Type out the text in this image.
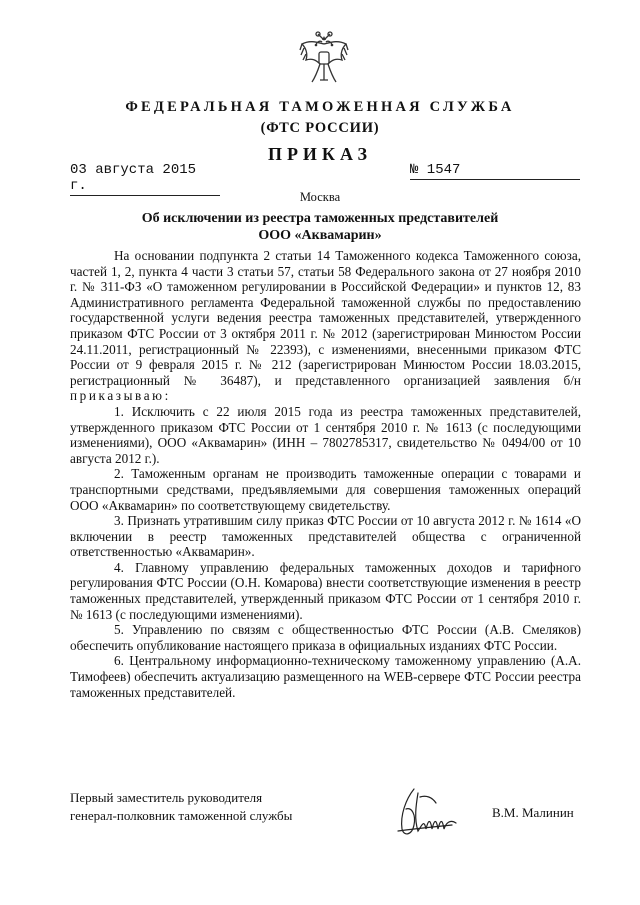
ФЕДЕРАЛЬНАЯ ТАМОЖЕННАЯ СЛУЖБА
(ФТС РОССИИ)
ПРИКАЗ
03 августа 2015 г.
№ 1547
Москва
Об исключении из реестра таможенных представителей
ООО «Аквамарин»

На основании подпункта 2 статьи 14 Таможенного кодекса Таможенного союза, частей 1, 2, пункта 4 части 3 статьи 57, статьи 58 Федерального закона от 27 ноября 2010 г. № 311-ФЗ «О таможенном регулировании в Российской Федерации» и пунктов 12, 83 Административного регламента Федеральной таможенной службы по предоставлению государственной услуги ведения реестра таможенных представителей, утвержденного приказом ФТС России от 3 октября 2011 г. № 2012 (зарегистрирован Минюстом России 24.11.2011, регистрационный № 22393), с изменениями, внесенными приказом ФТС России от 9 февраля 2015 г. № 212 (зарегистрирован Минюстом России 18.03.2015, регистрационный № 36487), и представленного организацией заявления б/н приказываю:

1. Исключить с 22 июля 2015 года из реестра таможенных представителей, утвержденного приказом ФТС России от 1 сентября 2010 г. № 1613 (с последующими изменениями), ООО «Аквамарин» (ИНН – 7802785317, свидетельство № 0494/00 от 10 августа 2012 г.).

2. Таможенным органам не производить таможенные операции с товарами и транспортными средствами, предъявляемыми для совершения таможенных операций ООО «Аквамарин» по соответствующему свидетельству.

3. Признать утратившим силу приказ ФТС России от 10 августа 2012 г. № 1614 «О включении в реестр таможенных представителей общества с ограниченной ответственностью «Аквамарин».

4. Главному управлению федеральных таможенных доходов и тарифного регулирования ФТС России (О.Н. Комарова) внести соответствующие изменения в реестр таможенных представителей, утвержденный приказом ФТС России от 1 сентября 2010 г. № 1613 (с последующими изменениями).

5. Управлению по связям с общественностью ФТС России (А.В. Смеляков) обеспечить опубликование настоящего приказа в официальных изданиях ФТС России.

6. Центральному информационно-техническому таможенному управлению (А.А. Тимофеев) обеспечить актуализацию размещенного на WEB-сервере ФТС России реестра таможенных представителей.

Первый заместитель руководителя
генерал-полковник таможенной службы	В.М. Малинин
